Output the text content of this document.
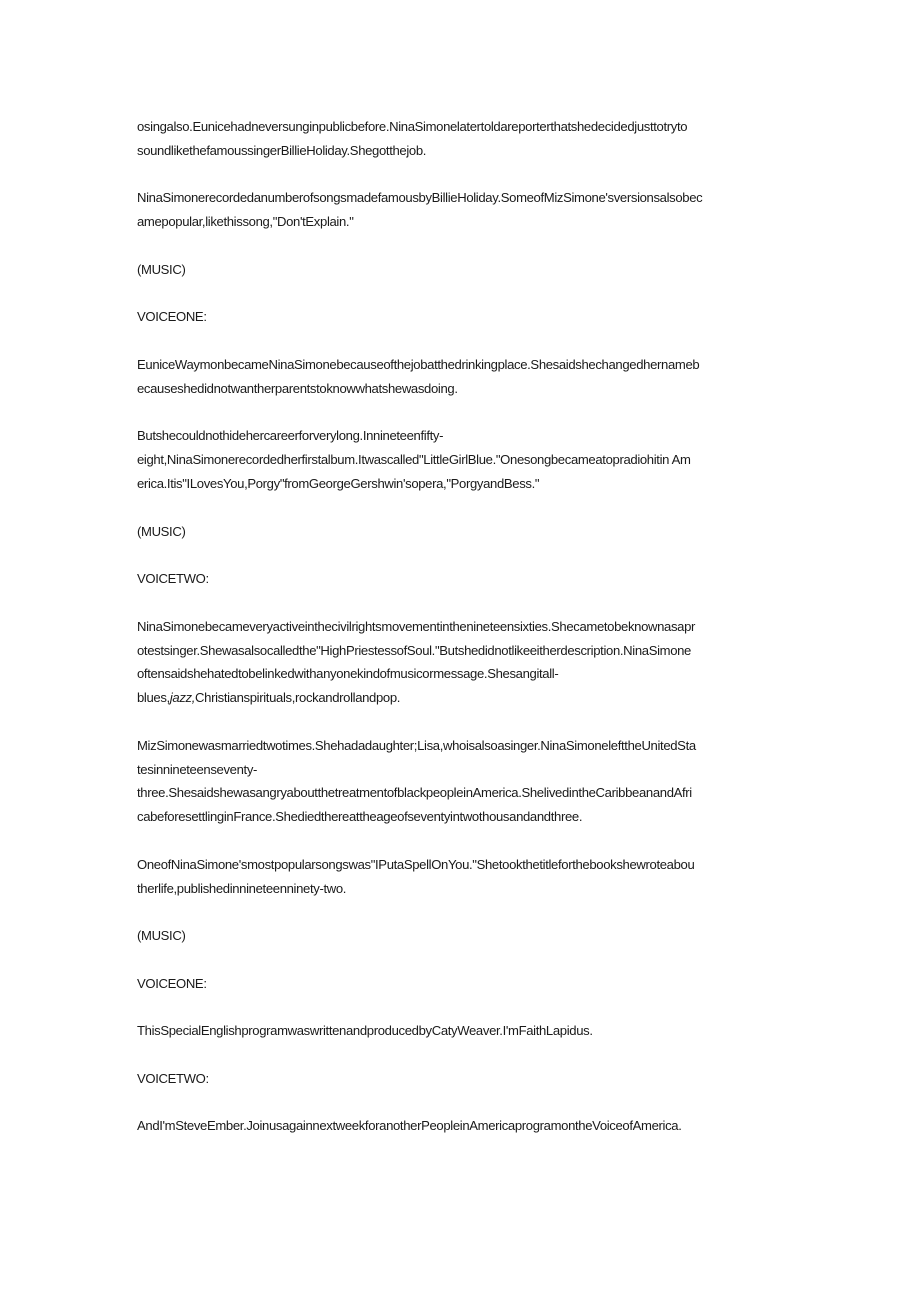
osingalso.Eunicehadneversunginpublicbefore.NinaSimonelatertoldareporterthatshedecidedjusttotryto
soundlikethefamoussingerBillieHoliday.Shegotthejob.

NinaSimonerecordedanumberofsongsmadefamousbyBillieHoliday.SomeofMizSimone'sversionsalsobec
amepopular,likethissong,"Don'tExplain."

(MUSIC)

VOICEONE:

EuniceWaymonbecameNinaSimonebecauseofthejobatthedrinkingplace.Shesaidshechangedhernameb
ecauseshedidnotwantherparentstoknowwhatshewasdoing.

Butshecouldnothidehercareerforverylong.Innineteenfifty-
eight,NinaSimonerecordedherfirstalbum.Itwascalled"LittleGirlBlue."Onesongbecameatopradiohitin Am
erica.Itis"ILovesYou,Porgy"fromGeorgeGershwin'sopera,"PorgyandBess."

(MUSIC)

VOICETWO:

NinaSimonebecameveryactiveinthecivilrightsmovementinthenineteensixties.Shecametobeknownasapr
otestsinger.Shewasalsocalledthe"HighPriestessofSoul."Butshedidnotlikeeitherdescription.NinaSimone
oftensaidshehatedtobelinkedwithanyonekindofmusicormessage.Shesangitall-
blues,jazz,Christianspirituals,rockandrollandpop.

MizSimonewasmarriedtwotimes.Shehadadaughter;Lisa,whoisalsoasinger.NinaSimonelefttheUnitedSta
tesinnineteenseventy-
three.ShesaidshewasangryaboutthetreatmentofblackpeopleinAmerica.ShelivedintheCaribbeanandAfri
cabeforesettlinginFrance.Shediedthereattheageofseventyintwothousandandthree.

OneofNinaSimone'smostpopularsongswas"IPutaSpellOnYou."Shetookthetitleforthebookshewroteabou
therlife,publishedinnineteenninety-two.

(MUSIC)

VOICEONE:

ThisSpecialEnglishprogramwaswrittenandproducedbyCatyWeaver.I'mFaithLapidus.

VOICETWO:

AndI'mSteveEmber.JoinusagainnextweekforanotherPeopleinAmericaprogramontheVoiceofAmerica.
